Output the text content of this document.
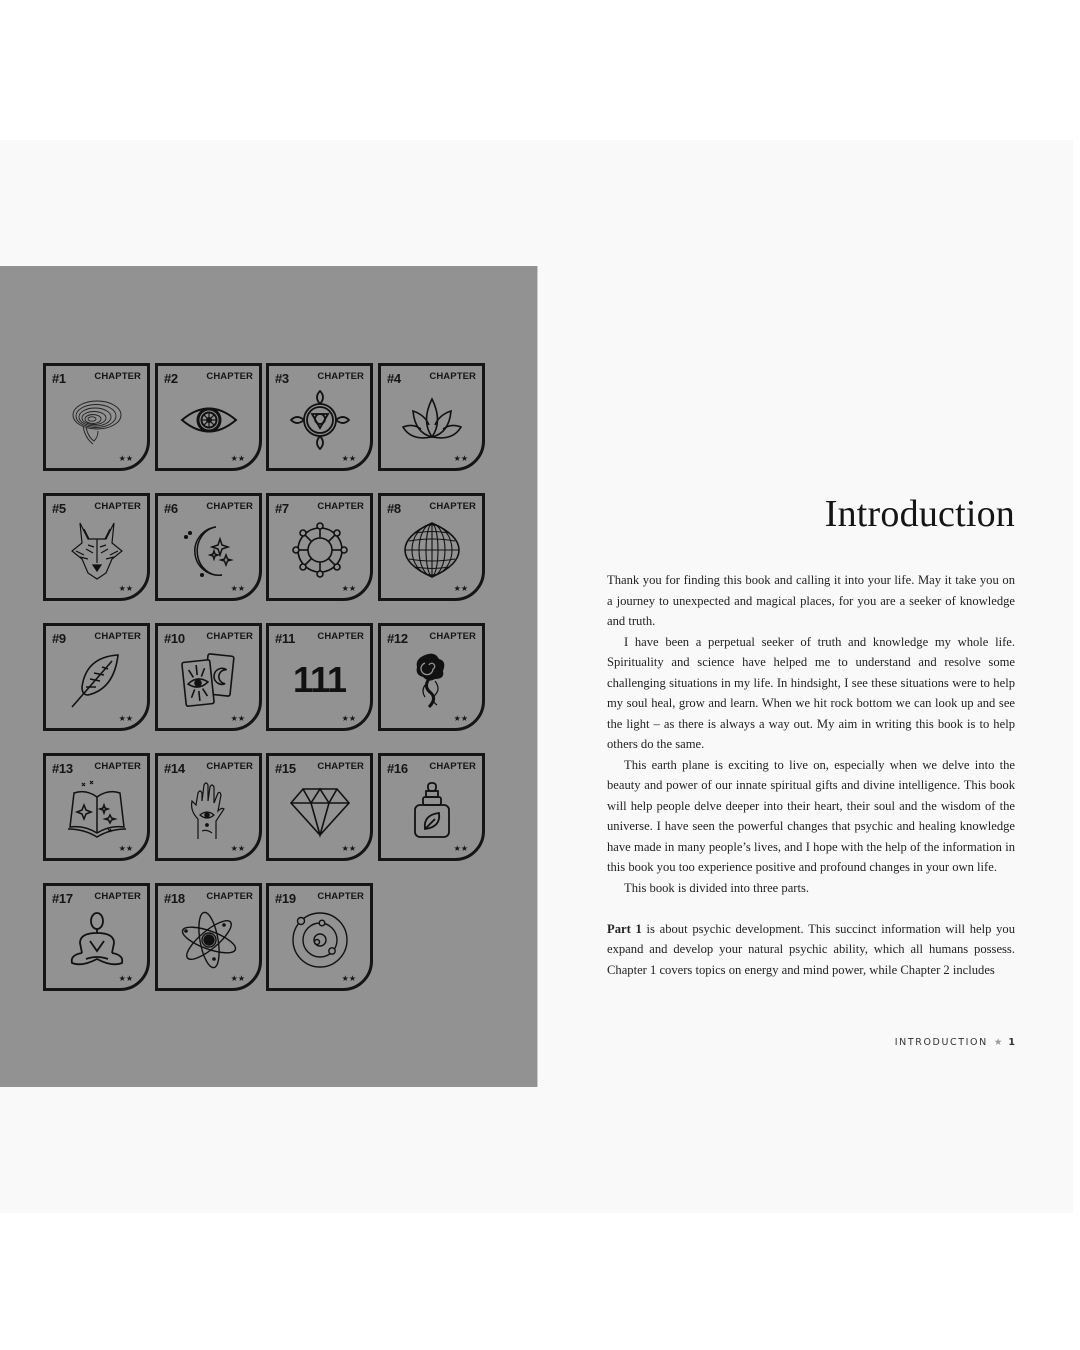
#1	CHAPTER
★★
#2	CHAPTER
★★
#3	CHAPTER
★★
#4	CHAPTER
★★
#5	CHAPTER
★★
#6	CHAPTER
★★
#7	CHAPTER
★★
#8	CHAPTER
★★
#9	CHAPTER
★★
#10 CHAPTER
★★
#11 CHAPTER
111
★★
#12 CHAPTER
★★
#13 CHAPTER
★★
#14 CHAPTER
★★
#15 CHAPTER
★★
#16 CHAPTER
★★
#17 CHAPTER
★★
#18 CHAPTER
★★
#19 CHAPTER
★★
Introduction

Thank you for finding this book and calling it into your life. May it take you on a journey to unexpected and magical places, for you are a seeker of knowledge and truth.

I have been a perpetual seeker of truth and knowledge my whole life. Spirituality and science have helped me to understand and resolve some challenging situations in my life. In hindsight, I see these situations were to help my soul heal, grow and learn. When we hit rock bottom we can look up and see the light – as there is always a way out. My aim in writing this book is to help others do the same.

This earth plane is exciting to live on, especially when we delve into the beauty and power of our innate spiritual gifts and divine intelligence. This book will help people delve deeper into their heart, their soul and the wisdom of the universe. I have seen the powerful changes that psychic and healing knowledge have made in many people’s lives, and I hope with the help of the information in this book you too experience positive and profound changes in your own life.

This book is divided into three parts.

Part 1 is about psychic development. This succinct information will help you expand and develop your natural psychic ability, which all humans possess. Chapter 1 covers topics on energy and mind power, while Chapter 2 includes

INTRODUCTION ★ 1
